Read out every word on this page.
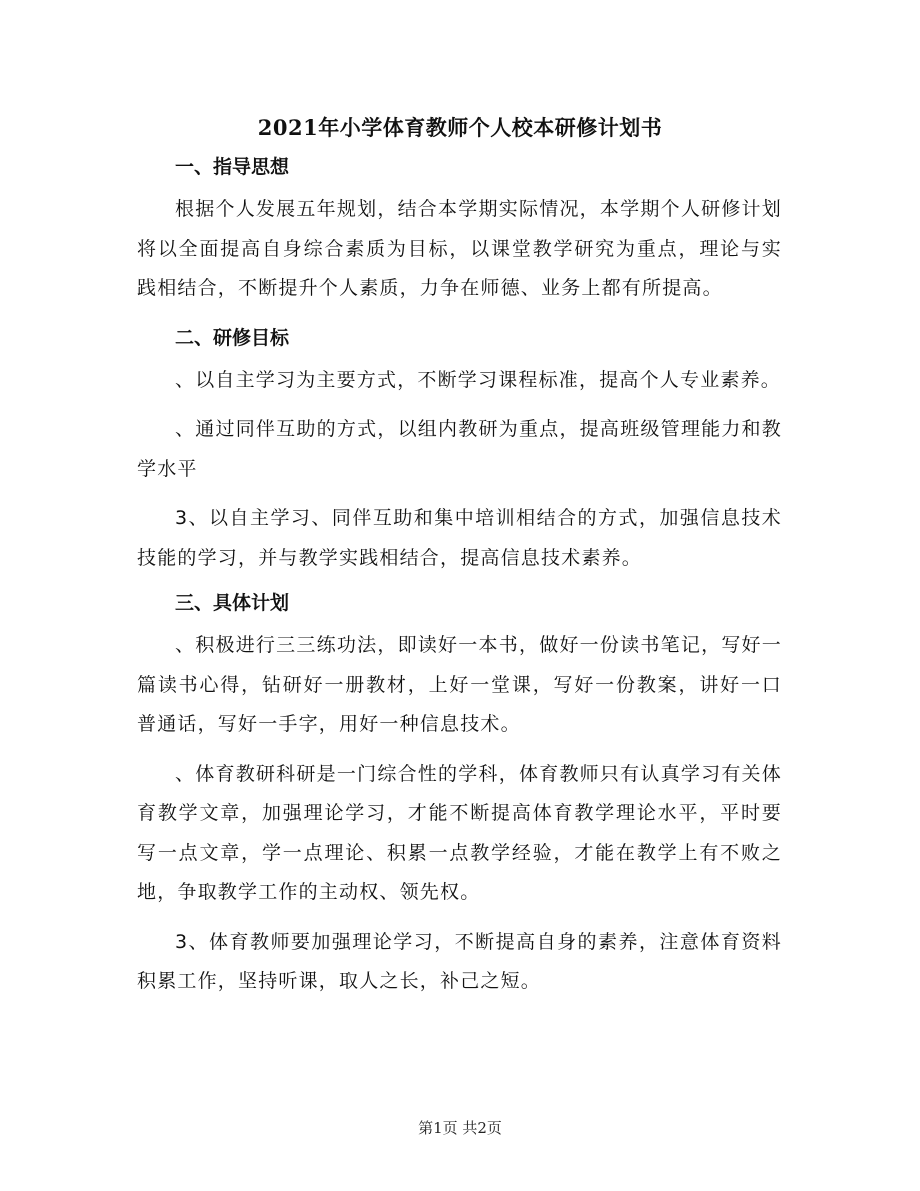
2021年小学体育教师个人校本研修计划书
一、指导思想

根据个人发展五年规划，结合本学期实际情况，本学期个人研修计划将以全面提高自身综合素质为目标，以课堂教学研究为重点，理论与实践相结合，不断提升个人素质，力争在师德、业务上都有所提高。

二、研修目标

、以自主学习为主要方式，不断学习课程标准，提高个人专业素养。

、通过同伴互助的方式，以组内教研为重点，提高班级管理能力和教学水平

3、以自主学习、同伴互助和集中培训相结合的方式，加强信息技术技能的学习，并与教学实践相结合，提高信息技术素养。

三、具体计划

、积极进行三三练功法，即读好一本书，做好一份读书笔记，写好一篇读书心得，钻研好一册教材，上好一堂课，写好一份教案，讲好一口普通话，写好一手字，用好一种信息技术。

、体育教研科研是一门综合性的学科，体育教师只有认真学习有关体育教学文章，加强理论学习，才能不断提高体育教学理论水平，平时要写一点文章，学一点理论、积累一点教学经验，才能在教学上有不败之地，争取教学工作的主动权、领先权。

3、体育教师要加强理论学习，不断提高自身的素养，注意体育资料积累工作，坚持听课，取人之长，补己之短。

第1页 共2页
